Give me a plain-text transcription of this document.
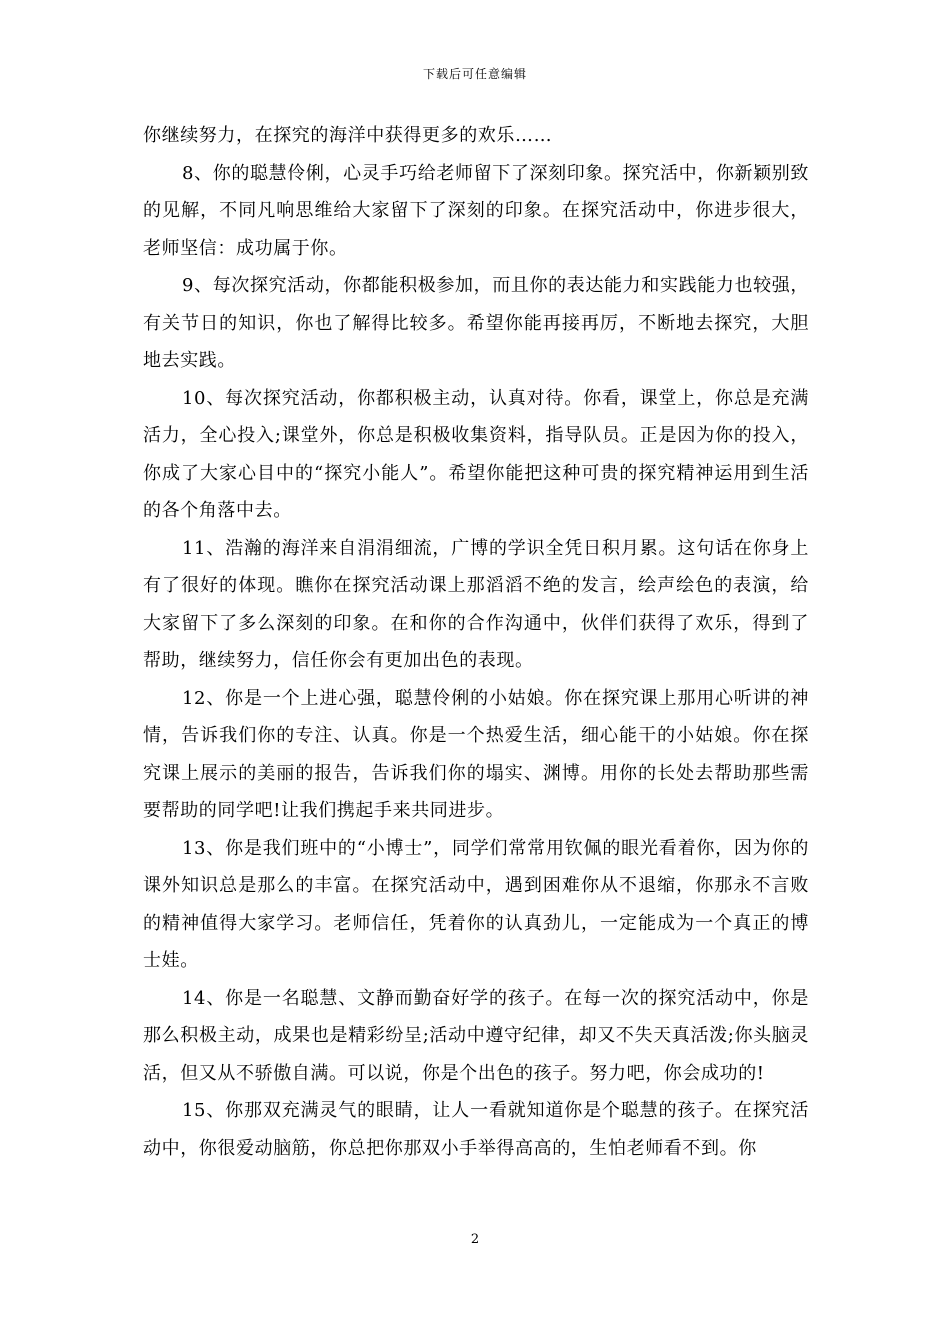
下载后可任意编辑

你继续努力，在探究的海洋中获得更多的欢乐……

8、你的聪慧伶俐，心灵手巧给老师留下了深刻印象。探究活中，你新颖别致的见解，不同凡响思维给大家留下了深刻的印象。在探究活动中，你进步很大，老师坚信：成功属于你。

9、每次探究活动，你都能积极参加，而且你的表达能力和实践能力也较强，有关节日的知识，你也了解得比较多。希望你能再接再厉，不断地去探究，大胆地去实践。

10、每次探究活动，你都积极主动，认真对待。你看，课堂上，你总是充满活力，全心投入;课堂外，你总是积极收集资料，指导队员。正是因为你的投入，你成了大家心目中的“探究小能人”。希望你能把这种可贵的探究精神运用到生活的各个角落中去。

11、浩瀚的海洋来自涓涓细流，广博的学识全凭日积月累。这句话在你身上有了很好的体现。瞧你在探究活动课上那滔滔不绝的发言，绘声绘色的表演，给大家留下了多么深刻的印象。在和你的合作沟通中，伙伴们获得了欢乐，得到了帮助，继续努力，信任你会有更加出色的表现。

12、你是一个上进心强，聪慧伶俐的小姑娘。你在探究课上那用心听讲的神情，告诉我们你的专注、认真。你是一个热爱生活，细心能干的小姑娘。你在探究课上展示的美丽的报告，告诉我们你的塌实、渊博。用你的长处去帮助那些需要帮助的同学吧!让我们携起手来共同进步。

13、你是我们班中的“小博士”，同学们常常用钦佩的眼光看着你，因为你的课外知识总是那么的丰富。在探究活动中，遇到困难你从不退缩，你那永不言败的精神值得大家学习。老师信任，凭着你的认真劲儿，一定能成为一个真正的博士娃。

14、你是一名聪慧、文静而勤奋好学的孩子。在每一次的探究活动中，你是那么积极主动，成果也是精彩纷呈;活动中遵守纪律，却又不失天真活泼;你头脑灵活，但又从不骄傲自满。可以说，你是个出色的孩子。努力吧，你会成功的!

15、你那双充满灵气的眼睛，让人一看就知道你是个聪慧的孩子。在探究活动中，你很爱动脑筋，你总把你那双小手举得高高的，生怕老师看不到。你

2
